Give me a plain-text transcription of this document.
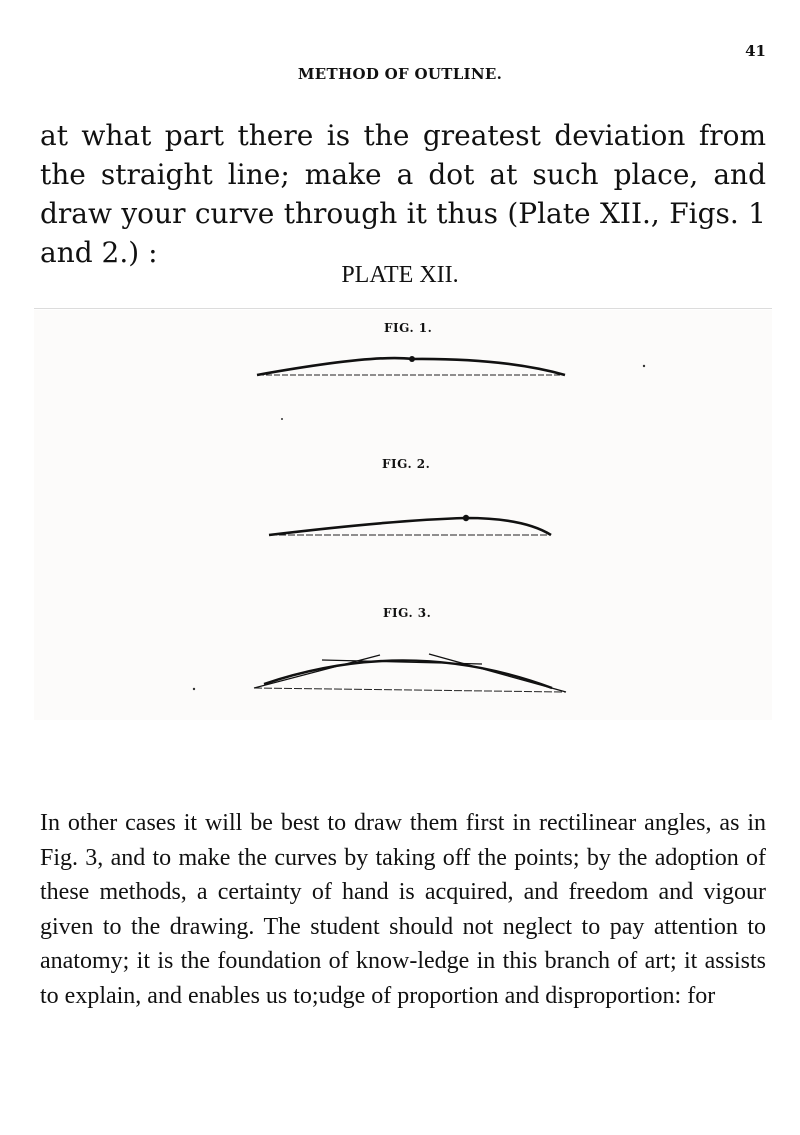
41
METHOD OF OUTLINE.
at what part there is the greatest deviation from the straight line; make a dot at such place, and draw your curve through it thus (Plate XII., Figs. 1 and 2.) :
PLATE XII.
FIG. 1.
FIG. 2.
FIG. 3.

In other cases it will be best to draw them first in rectilinear angles, as in Fig. 3, and to make the curves by taking off the points; by the adoption of these methods, a certainty of hand is acquired, and freedom and vigour given to the drawing. The student should not neglect to pay attention to anatomy; it is the foundation of know-ledge in this branch of art; it assists to explain, and enables us to;udge of proportion and disproportion: for
